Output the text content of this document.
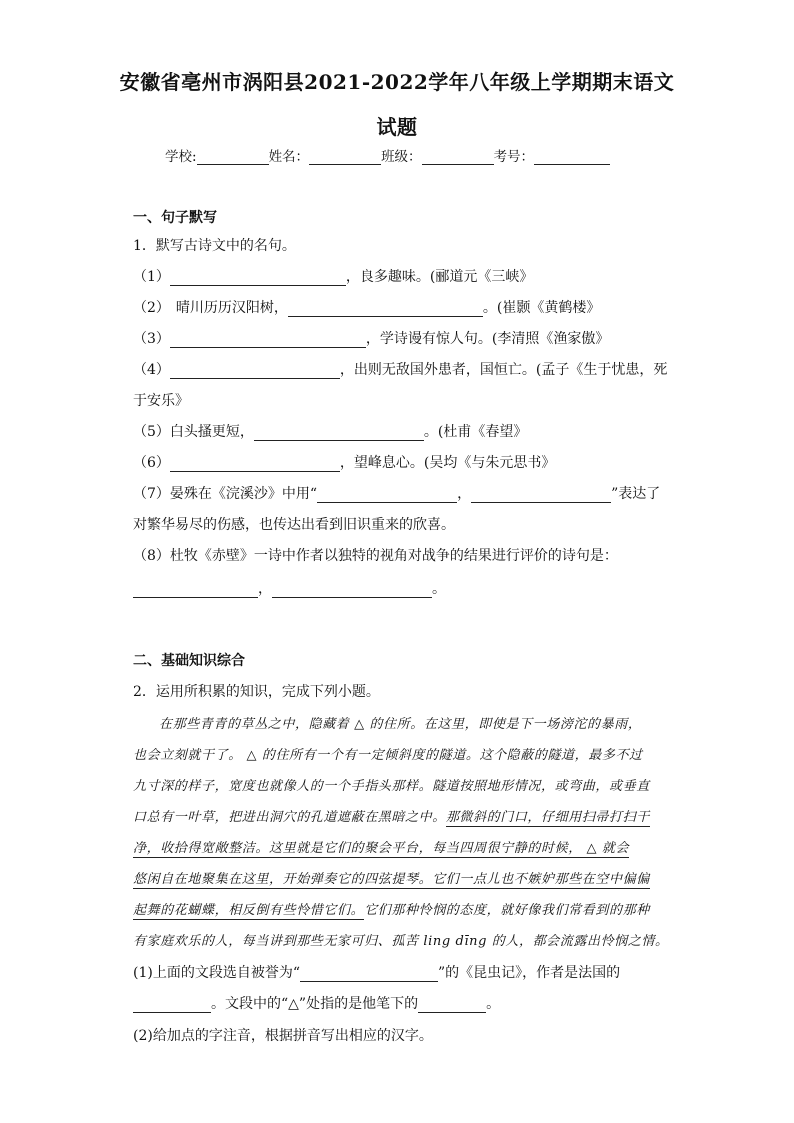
安徽省亳州市涡阳县2021-2022学年八年级上学期期末语文
试题
学校:	姓名：	班级：	考号：
一、句子默写
1．默写古诗文中的名句。
（1）	，良多趣味。(郦道元《三峡》
（2） 晴川历历汉阳树，	。(崔颢《黄鹤楼》
（3）	，学诗谩有惊人句。(李清照《渔家傲》
（4）	，出则无敌国外患者，国恒亡。(孟子《生于忧患，死
于安乐》
（5） 白头搔更短，	。(杜甫《春望》
（6）	，望峰息心。(吴均《与朱元思书》
（7）晏殊在《浣溪沙》中用“	，	”表达了
对繁华易尽的伤感，也传达出看到旧识重来的欣喜。
（8）杜牧《赤壁》一诗中作者以独特的视角对战争的结果进行评价的诗句是：
，	。
二、基础知识综合
2．运用所积累的知识，完成下列小题。
在那些青青的草丛之中，隐藏着 △ 的住所。在这里，即使是下一场滂沱的暴雨，
也会立刻就干了。 △ 的住所有一个有一定倾斜度的隧道。这个隐蔽的隧道，最多不过
九寸深的样子，宽度也就像人的一个手指头那样。隧道按照地形情况，或弯曲，或垂直
口总有一叶草，把进出洞穴的孔道遮蔽在黑暗之中。那微斜的门口，仔细用扫帚打扫干
净，收拾得宽敞整洁。这里就是它们的聚会平台，每当四周很宁静的时候， △ 就会
悠闲自在地聚集在这里，开始弹奏它的四弦提琴。它们一点儿也不嫉妒那些在空中偏偏
起舞的花蝴蝶，相反倒有些怜惜它们。它们那种怜悯的态度，就好像我们常看到的那种
有家庭欢乐的人，每当讲到那些无家可归、孤苦 ling dīng 的人，都会流露出怜悯之情。
(1)上面的文段选自被誉为“	”的《昆虫记》，作者是法国的
。文段中的“△”处指的是他笔下的	。
(2)给加点的字注音，根据拼音写出相应的汉字。
